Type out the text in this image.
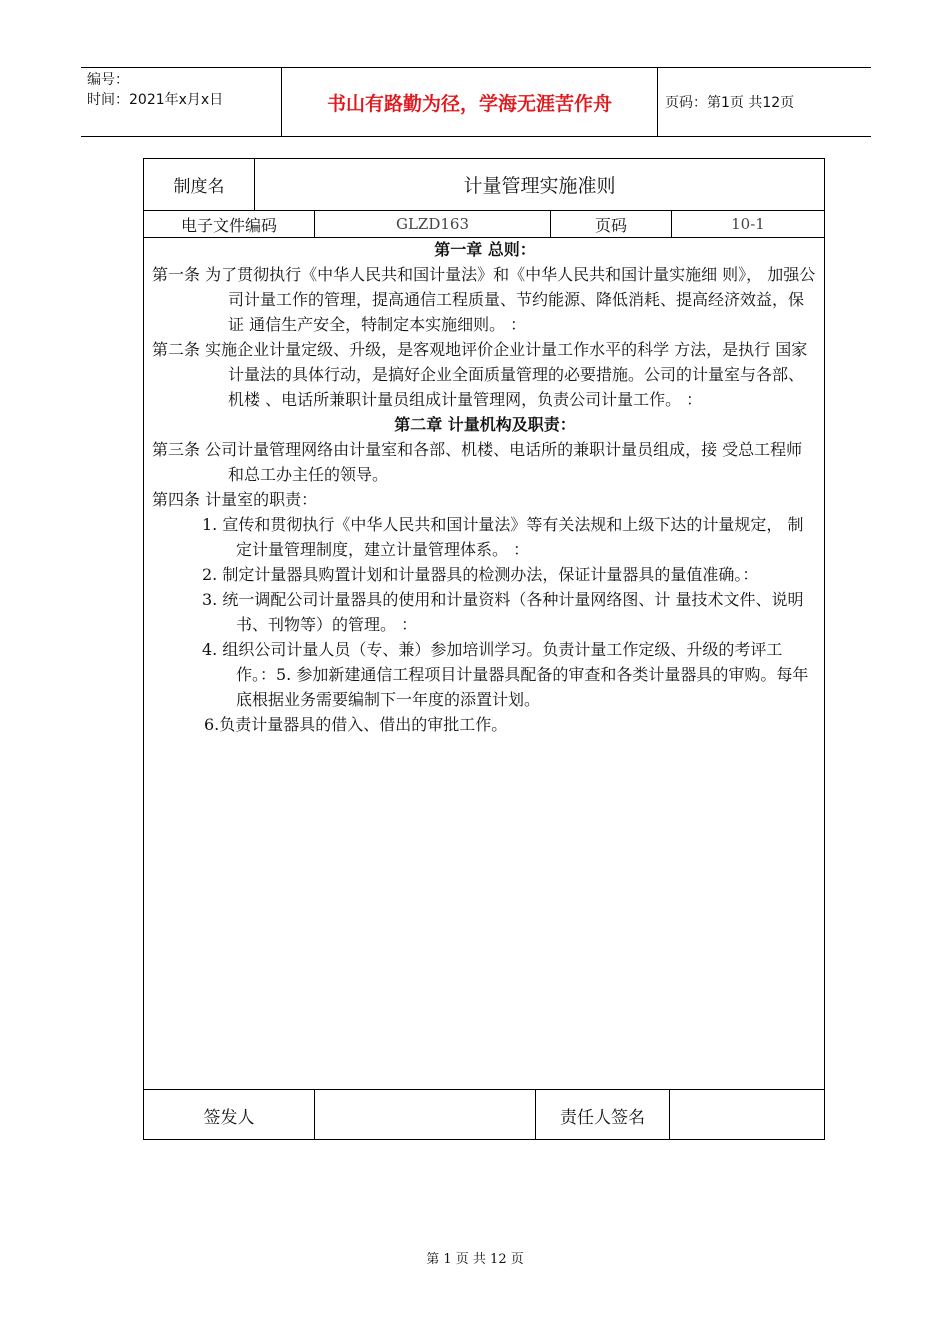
编号：
时间：2021年x月x日	书山有路勤为径，学海无涯苦作舟	页码：第1页 共12页
制度名	计量管理实施准则
电子文件编码	GLZD163	页码	10-1
第一章 总则：
第一条 为了贯彻执行《中华人民共和国计量法》和《中华人民共和国计量实施细 则》， 加强公司计量工作的管理，提高通信工程质量、节约能源、降低消耗、提高经济效益，保证 通信生产安全，特制定本实施细则。 ：
第二条 实施企业计量定级、升级，是客观地评价企业计量工作水平的科学 方法，是执行 国家计量法的具体行动，是搞好企业全面质量管理的必要措施。公司的计量室与各部、机楼 、电话所兼职计量员组成计量管理网，负责公司计量工作。 ：
第二章 计量机构及职责：
第三条 公司计量管理网络由计量室和各部、机楼、电话所的兼职计量员组成，接 受总工程师和总工办主任的领导。
第四条 计量室的职责：
1. 宣传和贯彻执行《中华人民共和国计量法》等有关法规和上级下达的计量规定， 制定计量管理制度，建立计量管理体系。 ：
2. 制定计量器具购置计划和计量器具的检测办法，保证计量器具的量值准确。：
3. 统一调配公司计量器具的使用和计量资料（各种计量网络图、计 量技术文件、说明书、刊物等）的管理。 ：
4. 组织公司计量人员（专、兼）参加培训学习。负责计量工作定级、升级的考评工 作。：5. 参加新建通信工程项目计量器具配备的审查和各类计量器具的审购。每年 底根据业务需要编制下一年度的添置计划。
6.负责计量器具的借入、借出的审批工作。
签发人	责任人签名
第 1 页 共 12 页
